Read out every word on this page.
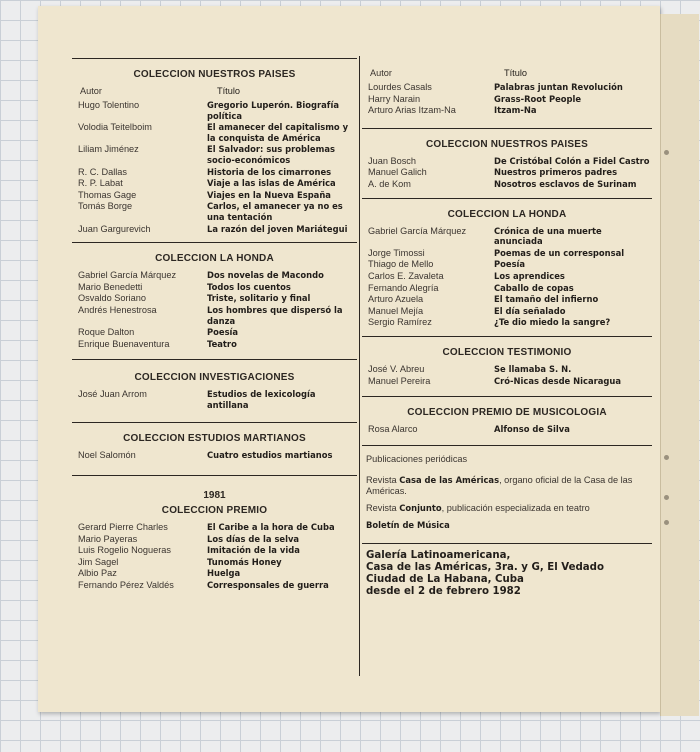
COLECCION NUESTROS PAISES
Autor	Título
Hugo Tolentino	Gregorio Luperón. Biografía política
Volodia Teitelboim	El amanecer del capitalismo y la conquista de América
Liliam Jiménez	El Salvador: sus problemas socio-económicos
R. C. Dallas	Historia de los cimarrones
R. P. Labat	Viaje a las islas de América
Thomas Gage	Viajes en la Nueva España
Tomás Borge	Carlos, el amanecer ya no es una tentación
Juan Gargurevich	La razón del joven Mariátegui
COLECCION LA HONDA
Gabriel García Márquez	Dos novelas de Macondo
Mario Benedetti	Todos los cuentos
Osvaldo Soriano	Triste, solitario y final
Andrés Henestrosa	Los hombres que dispersó la danza
Roque Dalton	Poesía
Enrique Buenaventura	Teatro
COLECCION INVESTIGACIONES
José Juan Arrom	Estudios de lexicología antillana
COLECCION ESTUDIOS MARTIANOS
Noel Salomón	Cuatro estudios martianos
1981
COLECCION PREMIO
Gerard Pierre Charles	El Caribe a la hora de Cuba
Mario Payeras	Los días de la selva
Luis Rogelio Nogueras	Imitación de la vida
Jim Sagel	Tunomás Honey
Albio Paz	Huelga
Fernando Pérez Valdés	Corresponsales de guerra
Autor	Título
Lourdes Casals	Palabras juntan Revolución
Harry Narain	Grass-Root People
Arturo Arias Itzam-Na	Itzam-Na
COLECCION NUESTROS PAISES
Juan Bosch	De Cristóbal Colón a Fidel Castro
Manuel Galich	Nuestros primeros padres
A. de Kom	Nosotros esclavos de Surinam
COLECCION LA HONDA
Gabriel García Márquez	Crónica de una muerte anunciada
Jorge Timossi	Poemas de un corresponsal
Thiago de Mello	Poesía
Carlos E. Zavaleta	Los aprendices
Fernando Alegría	Caballo de copas
Arturo Azuela	El tamaño del infierno
Manuel Mejía	El día señalado
Sergio Ramírez	¿Te dio miedo la sangre?
COLECCION TESTIMONIO
José V. Abreu	Se llamaba S. N.
Manuel Pereira	Cró-Nicas desde Nicaragua
COLECCION PREMIO DE MUSICOLOGIA
Rosa Alarco	Alfonso de Silva
Publicaciones periódicas
Revista Casa de las Américas, organo oficial de la Casa de las Américas.
Revista Conjunto, publicación especializada en teatro
Boletín de Música
Galería Latinoamericana,
Casa de las Américas, 3ra. y G, El Vedado
Ciudad de La Habana, Cuba
desde el 2 de febrero 1982
